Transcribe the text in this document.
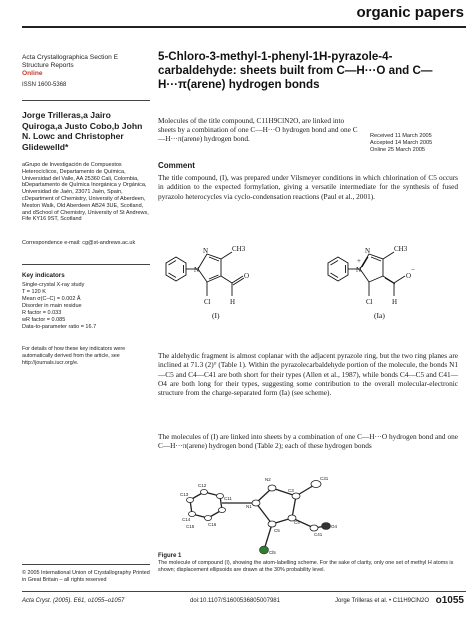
organic papers
Acta Crystallographica Section E
Structure Reports
Online
ISSN 1600-5368
Jorge Trilleras,a Jairo Quiroga,a Justo Cobo,b John N. Lowc and Christopher Glidewelld*
aGrupo de Investigación de Compuestos Heterocíclicos, Departamento de Química, Universidad del Valle, AA 25360 Cali, Colombia, bDepartamento de Química Inorgánica y Orgánica, Universidad de Jaén, 23071 Jaén, Spain, cDepartment of Chemistry, University of Aberdeen, Meston Walk, Old Aberdeen AB24 3UE, Scotland, and dSchool of Chemistry, University of St Andrews, Fife KY16 9ST, Scotland
Correspondence e-mail: cg@st-andrews.ac.uk
Key indicators
Single-crystal X-ray study
T = 120 K
Mean σ(C–C) = 0.002 Å
Disorder in main residue
R factor = 0.033
wR factor = 0.085
Data-to-parameter ratio = 16.7
For details of how these key indicators were automatically derived from the article, see http://journals.iucr.org/e.
© 2005 International Union of Crystallography Printed in Great Britain – all rights reserved
5-Chloro-3-methyl-1-phenyl-1H-pyrazole-4-carbaldehyde: sheets built from C—H···O and C—H···π(arene) hydrogen bonds
Molecules of the title compound, C11H9ClN2O, are linked into sheets by a combination of one C—H···O hydrogen bond and one C—H···π(arene) hydrogen bond.	Received 11 March 2005
Accepted 14 March 2005
Online 25 March 2005
Comment
The title compound, (I), was prepared under Vilsmeyer conditions in which chlorination of C5 occurs in addition to the expected formylation, giving a versatile intermediate for the synthesis of fused pyrazolo heterocycles via cyclo-condensation reactions (Paul et al., 2001).
N
N
CH3
O
Cl	H
(I)
N
+
N	CH3
O
−
Cl	H
(Ia)
The aldehydic fragment is almost coplanar with the adjacent pyrazole ring, but the two ring planes are inclined at 71.3 (2)° (Table 1). Within the pyrazolecarbaldehyde portion of the molecule, the bonds N1—C5 and C4—C41 are both short for their types (Allen et al., 1987), while bonds C4—C5 and C41—O4 are both long for their types, suggesting some contribution to the overall molecular-electronic structure from the charge-separated form (Ia) (see scheme).
The molecules of (I) are linked into sheets by a combination of one C—H···O hydrogen bond and one C—H···π(arene) hydrogen bond (Table 2); each of these hydrogen bonds
C13
C12
C14
C11
N1
N2
C3
C31
C15	C16
C5
C4
O4
C41
Cl5
Figure 1
The molecule of compound (I), showing the atom-labelling scheme. For the sake of clarity, only one set of methyl H atoms is shown; displacement ellipsoids are drawn at the 30% probability level.
Acta Cryst. (2005). E61, o1055–o1057	doi:10.1107/S1600536805007981	Jorge Trilleras et al. • C11H9ClN2O o1055
